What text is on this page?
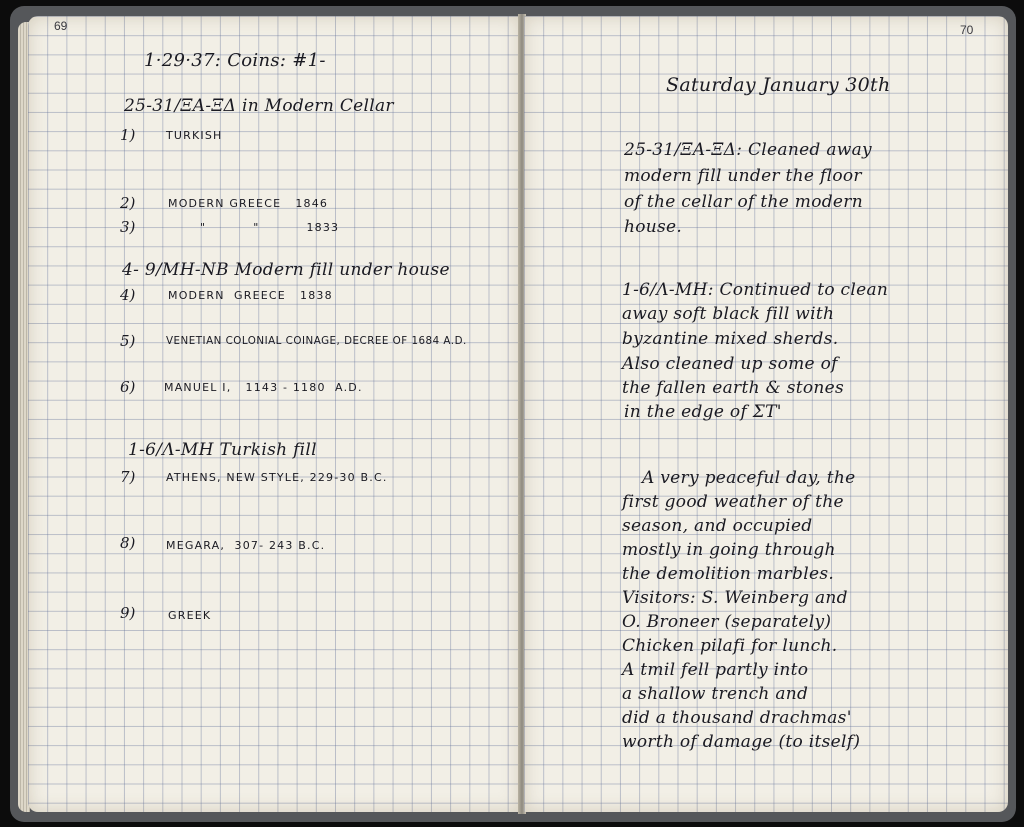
69
1·29·37: Coins: #1-
25-31/ΞΑ-ΞΔ in Modern Cellar
1)	TURKISH
2)	MODERN GREECE   1846
3)	"          "          1833
4- 9/MH-NB Modern fill under house
4)	MODERN  GREECE   1838
5)	VENETIAN COLONIAL COINAGE, DECREE OF 1684 A.D.
6)	MANUEL I,   1143 - 1180  A.D.
1-6/Λ-MH Turkish fill
7)	ATHENS, NEW STYLE, 229-30 B.C.
8)	MEGARA,  307- 243 B.C.
9)	GREEK
70
Saturday January 30th
25-31/ΞΑ-ΞΔ: Cleaned away
modern fill under the floor
of the cellar of the modern
house.
1-6/Λ-MH: Continued to clean
away soft black fill with
byzantine mixed sherds.
Also cleaned up some of
the fallen earth & stones
in the edge of ΣΤ'
A very peaceful day, the
first good weather of the
season, and occupied
mostly in going through
the demolition marbles.
Visitors: S. Weinberg and
O. Broneer (separately)
Chicken pilafi for lunch.
A tmil fell partly into
a shallow trench and
did a thousand drachmas'
worth of damage (to itself)
